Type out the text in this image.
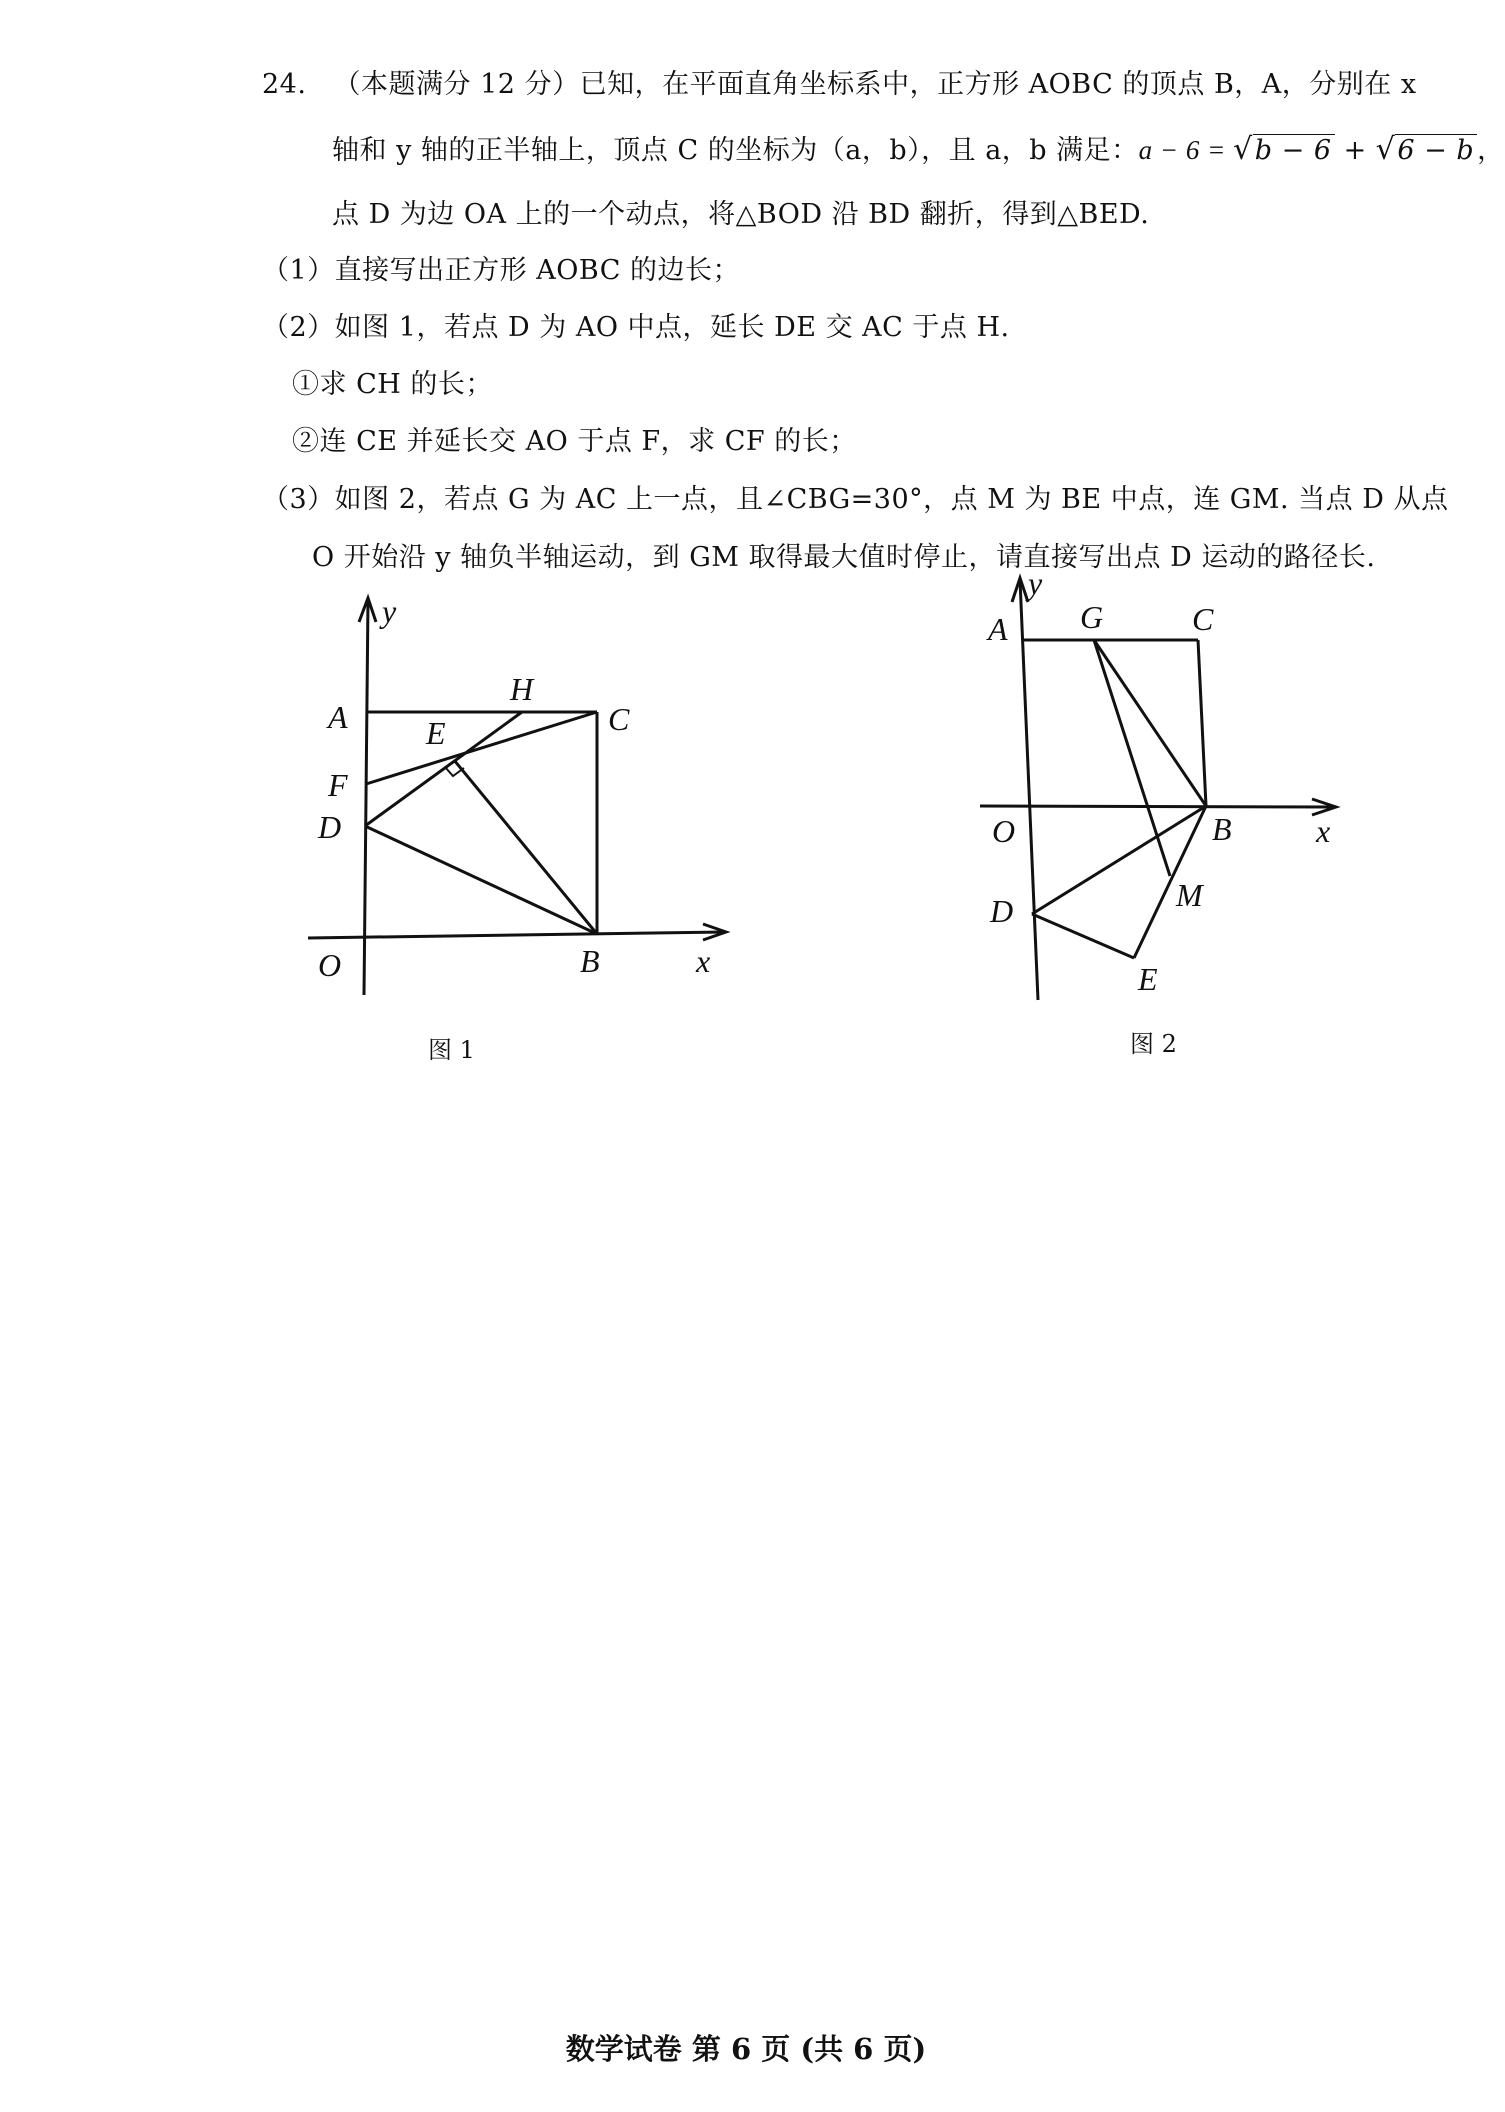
24. （本题满分 12 分）已知，在平面直角坐标系中，正方形 AOBC 的顶点 B，A，分别在 x
轴和 y 轴的正半轴上，顶点 C 的坐标为（a，b），且 a，b 满足：a − 6 = √b − 6 + √6 − b ，
点 D 为边 OA 上的一个动点，将△BOD 沿 BD 翻折，得到△BED.
（1）直接写出正方形 AOBC 的边长；
（2）如图 1，若点 D 为 AO 中点，延长 DE 交 AC 于点 H.
①求 CH 的长；
②连 CE 并延长交 AO 于点 F，求 CF 的长；
（3）如图 2，若点 G 为 AC 上一点，且∠CBG=30°，点 M 为 BE 中点，连 GM. 当点 D 从点
O 开始沿 y 轴负半轴运动，到 GM 取得最大值时停止，请直接写出点 D 运动的路径长.
y
A
H
C
E
F
D
O	B	x
图 1
y
A G	C
O	B	x
M
D
E
图 2
数学试卷 第 6 页 (共 6 页)
